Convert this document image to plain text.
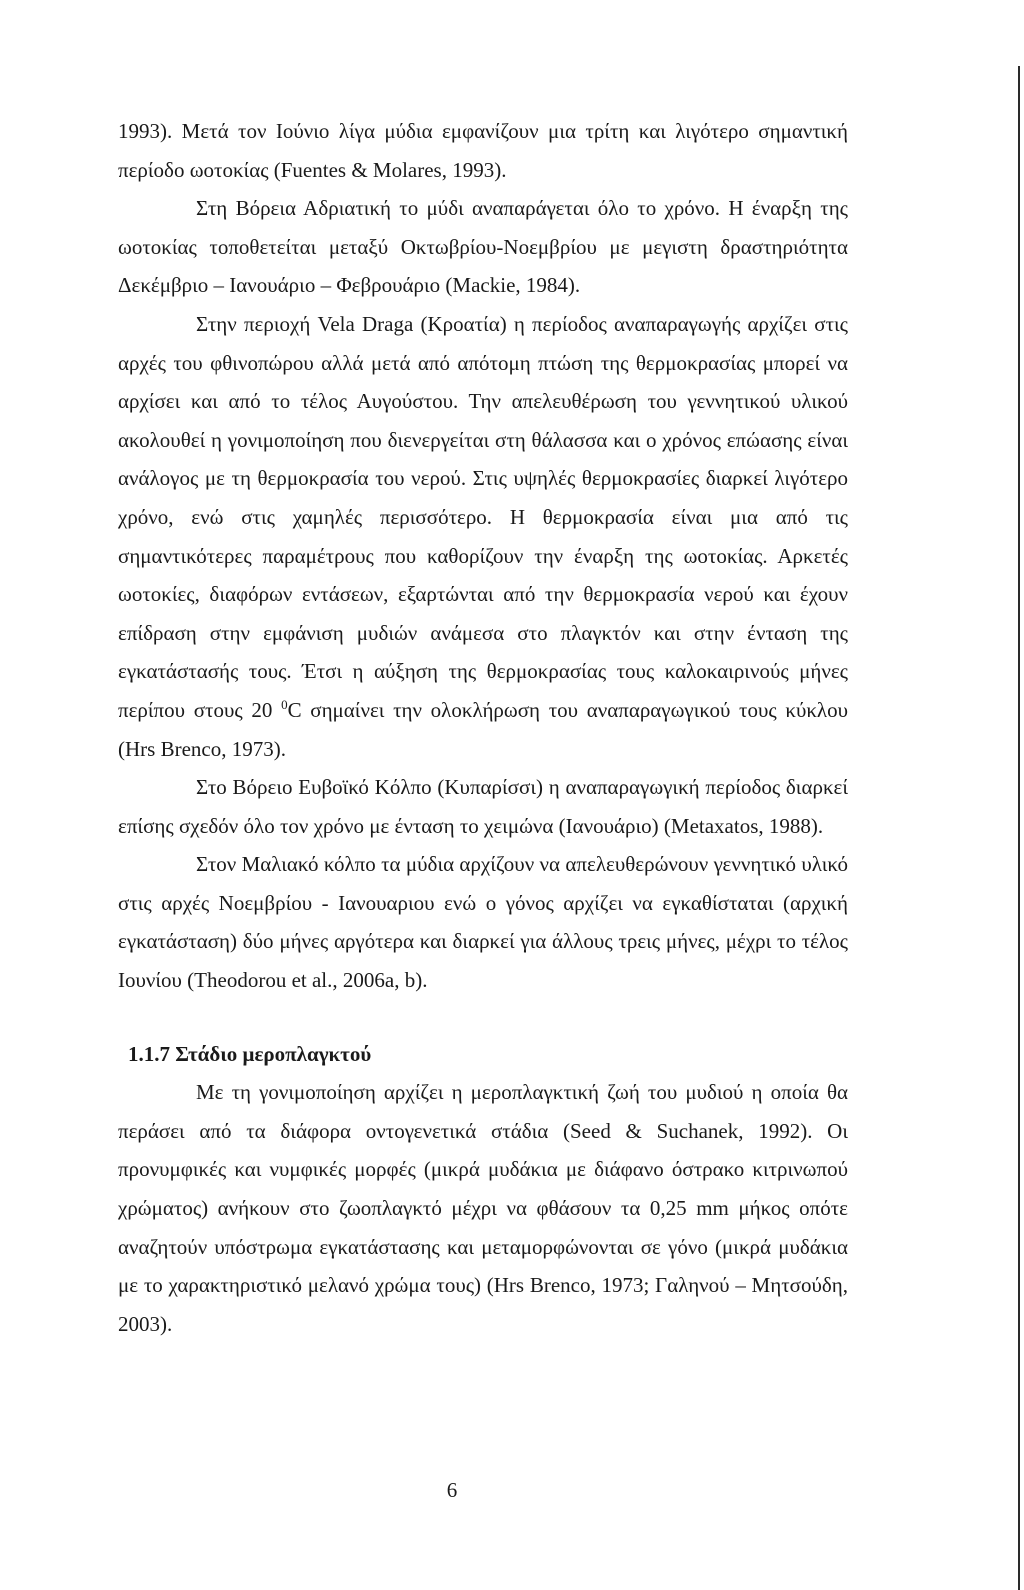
1993). Μετά τον Ιούνιο λίγα μύδια εμφανίζουν μια τρίτη και λιγότερο σημαντική
περίοδο ωοτοκίας (Fuentes & Molares, 1993).
Στη Βόρεια Αδριατική το μύδι αναπαράγεται όλο το χρόνο. Η έναρξη της
ωοτοκίας τοποθετείται μεταξύ Οκτωβρίου-Νοεμβρίου με μεγιστη δραστηριότητα
Δεκέμβριο – Ιανουάριο – Φεβρουάριο (Mackie, 1984).
Στην περιοχή Vela Draga (Κροατία) η περίοδος αναπαραγωγής αρχίζει στις
αρχές του φθινοπώρου αλλά μετά από απότομη πτώση της θερμοκρασίας μπορεί να
αρχίσει και από το τέλος Αυγούστου. Την απελευθέρωση του γεννητικού υλικού
ακολουθεί η γονιμοποίηση που διενεργείται στη θάλασσα και ο χρόνος επώασης είναι
ανάλογος με τη θερμοκρασία του νερού. Στις υψηλές θερμοκρασίες διαρκεί λιγότερο
χρόνο, ενώ στις χαμηλές περισσότερο. Η θερμοκρασία είναι μια από τις
σημαντικότερες παραμέτρους που καθορίζουν την έναρξη της ωοτοκίας. Αρκετές
ωοτοκίες, διαφόρων εντάσεων, εξαρτώνται από την θερμοκρασία νερού και έχουν
επίδραση στην εμφάνιση μυδιών ανάμεσα στο πλαγκτόν και στην ένταση της
εγκατάστασής τους. Έτσι η αύξηση της θερμοκρασίας τους καλοκαιρινούς μήνες
περίπου στους 20 $^0$C σημαίνει την ολοκλήρωση του αναπαραγωγικού τους κύκλου
(Hrs Brenco, 1973).
Στο Βόρειο Ευβοϊκό Κόλπο (Κυπαρίσσι) η αναπαραγωγική περίοδος διαρκεί
επίσης σχεδόν όλο τον χρόνο με ένταση το χειμώνα (Ιανουάριο) (Metaxatos, 1988).
Στον Μαλιακό κόλπο τα μύδια αρχίζουν να απελευθερώνουν γεννητικό υλικό
στις αρχές Νοεμβρίου - Ιανουαριου ενώ ο γόνος αρχίζει να εγκαθίσταται (αρχική
εγκατάσταση) δύο μήνες αργότερα και διαρκεί για άλλους τρεις μήνες, μέχρι το τέλος
Ιουνίου (Theodorou et al., 2006a, b).
1.1.7 Στάδιο μεροπλαγκτού
Με τη γονιμοποίηση αρχίζει η μεροπλαγκτική ζωή του μυδιού η οποία θα
περάσει από τα διάφορα οντογενετικά στάδια (Seed & Suchanek, 1992). Οι
προνυμφικές και νυμφικές μορφές (μικρά μυδάκια με διάφανο όστρακο κιτρινωπού
χρώματος) ανήκουν στο ζωοπλαγκτό μέχρι να φθάσουν τα 0,25 mm μήκος οπότε
αναζητούν υπόστρωμα εγκατάστασης και μεταμορφώνονται σε γόνο (μικρά μυδάκια
με το χαρακτηριστικό μελανό χρώμα τους) (Hrs Brenco, 1973; Γαληνού – Μητσούδη,
2003).
6
